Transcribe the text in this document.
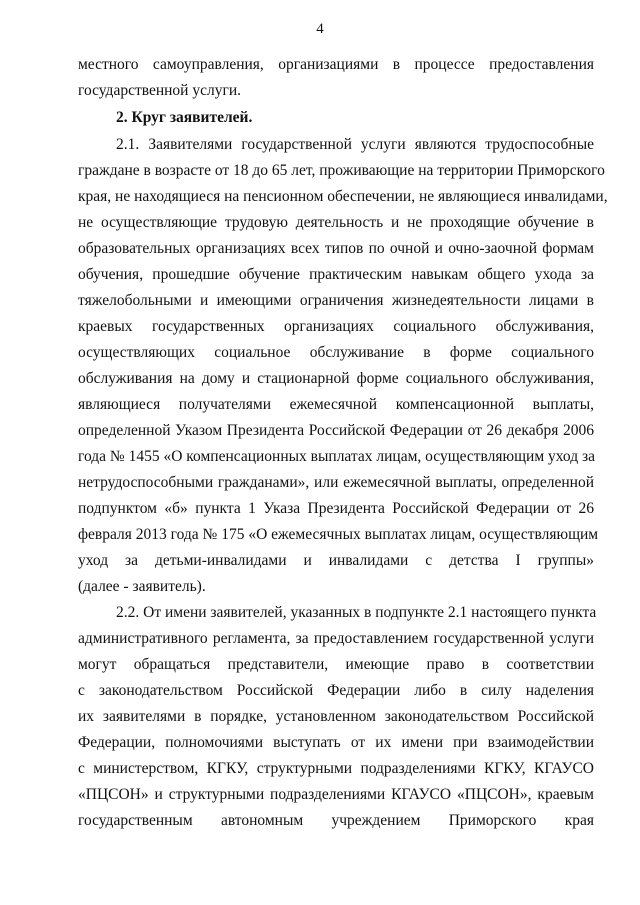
4
местного самоуправления, организациями в процессе предоставления
государственной услуги.
2. Круг заявителей.
2.1. Заявителями государственной услуги являются трудоспособные
граждане в возрасте от 18 до 65 лет, проживающие на территории Приморского
края, не находящиеся на пенсионном обеспечении, не являющиеся инвалидами,
не осуществляющие трудовую деятельность и не проходящие обучение в
образовательных организациях всех типов по очной и очно-заочной формам
обучения, прошедшие обучение практическим навыкам общего ухода за
тяжелобольными и имеющими ограничения жизнедеятельности лицами в
краевых государственных организациях социального обслуживания,
осуществляющих социальное обслуживание в форме социального
обслуживания на дому и стационарной форме социального обслуживания,
являющиеся получателями ежемесячной компенсационной выплаты,
определенной Указом Президента Российской Федерации от 26 декабря 2006
года № 1455 «О компенсационных выплатах лицам, осуществляющим уход за
нетрудоспособными гражданами», или ежемесячной выплаты, определенной
подпунктом «б» пункта 1 Указа Президента Российской Федерации от 26
февраля 2013 года № 175 «О ежемесячных выплатах лицам, осуществляющим
уход за детьми-инвалидами и инвалидами с детства I группы»
(далее - заявитель).
2.2. От имени заявителей, указанных в подпункте 2.1 настоящего пункта
административного регламента, за предоставлением государственной услуги
могут обращаться представители, имеющие право в соответствии
с законодательством Российской Федерации либо в силу наделения
их заявителями в порядке, установленном законодательством Российской
Федерации, полномочиями выступать от их имени при взаимодействии
с министерством, КГКУ, структурными подразделениями КГКУ, КГАУСО
«ПЦСОН» и структурными подразделениями КГАУСО «ПЦСОН», краевым
государственным автономным учреждением Приморского края
